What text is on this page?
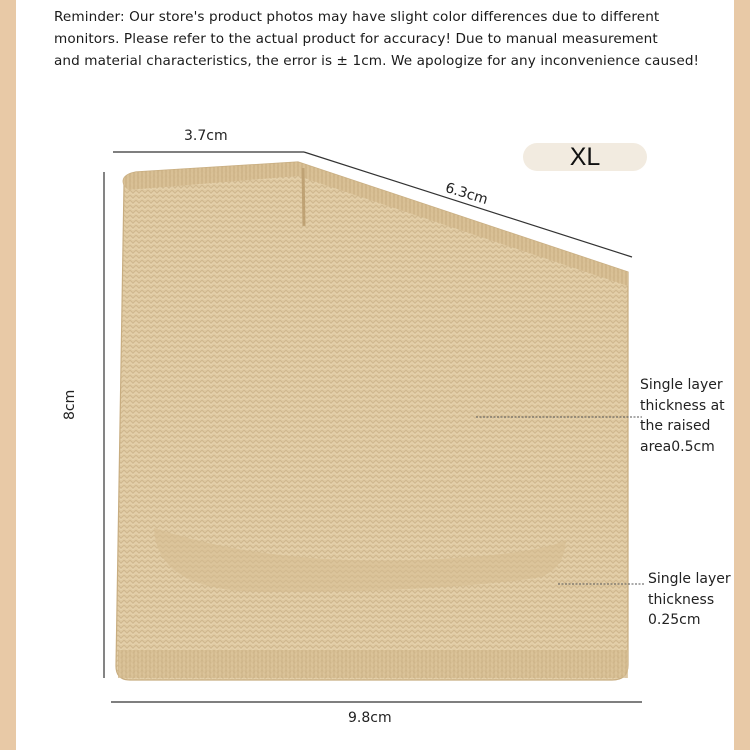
Reminder: Our store's product photos may have slight color differences due to different
monitors. Please refer to the actual product for accuracy! Due to manual measurement
and material characteristics, the error is ± 1cm. We apologize for any inconvenience caused!
XL
3.7cm
6.3cm
8cm
9.8cm
Single layer
thickness at
the raised
area0.5cm
Single layer
thickness
0.25cm
